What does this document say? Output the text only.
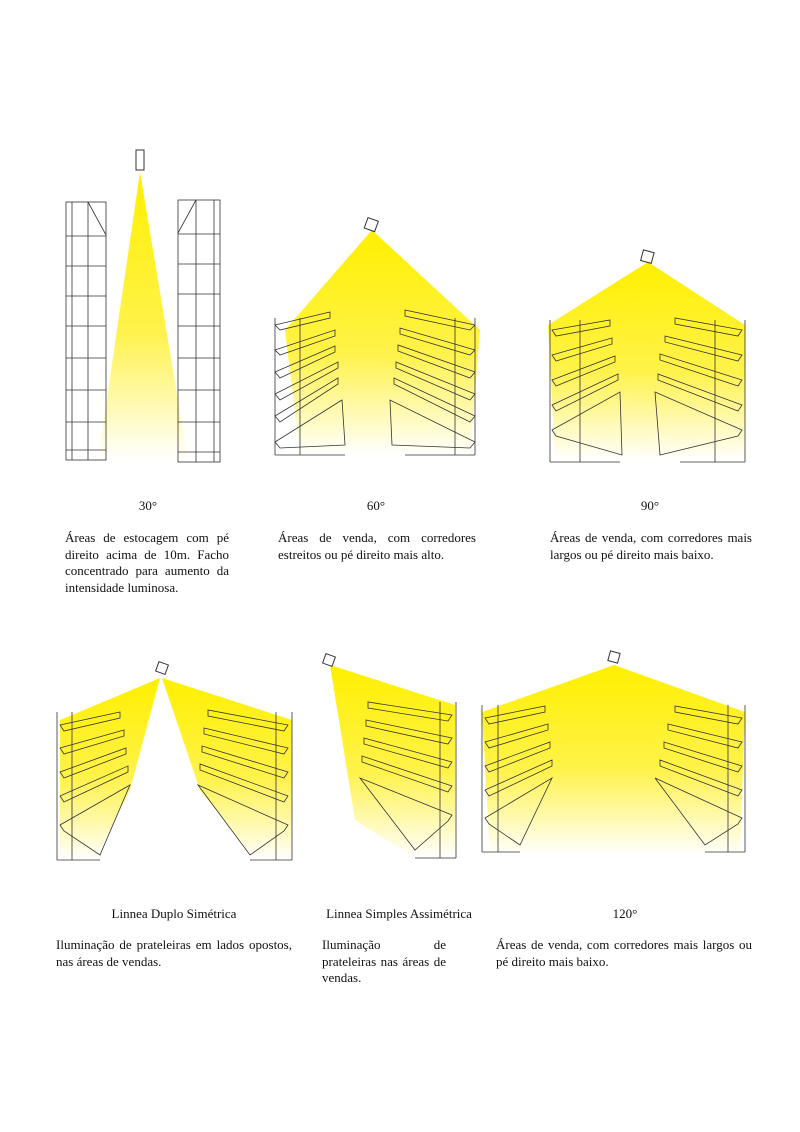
30°	60°	90°
Áreas de estocagem com pé direito acima de 10m. Facho concentrado para aumento da intensidade luminosa.
Áreas de venda, com corredores estreitos ou pé direito mais alto.
Áreas de venda, com corredores mais largos ou pé direito mais baixo.
Linnea Duplo Simétrica	Linnea Simples Assimétrica	120°
Iluminação de prateleiras em lados opostos, nas áreas de vendas.
Iluminação de prateleiras nas áreas de vendas.
Áreas de venda, com corredores mais largos ou pé direito mais baixo.
